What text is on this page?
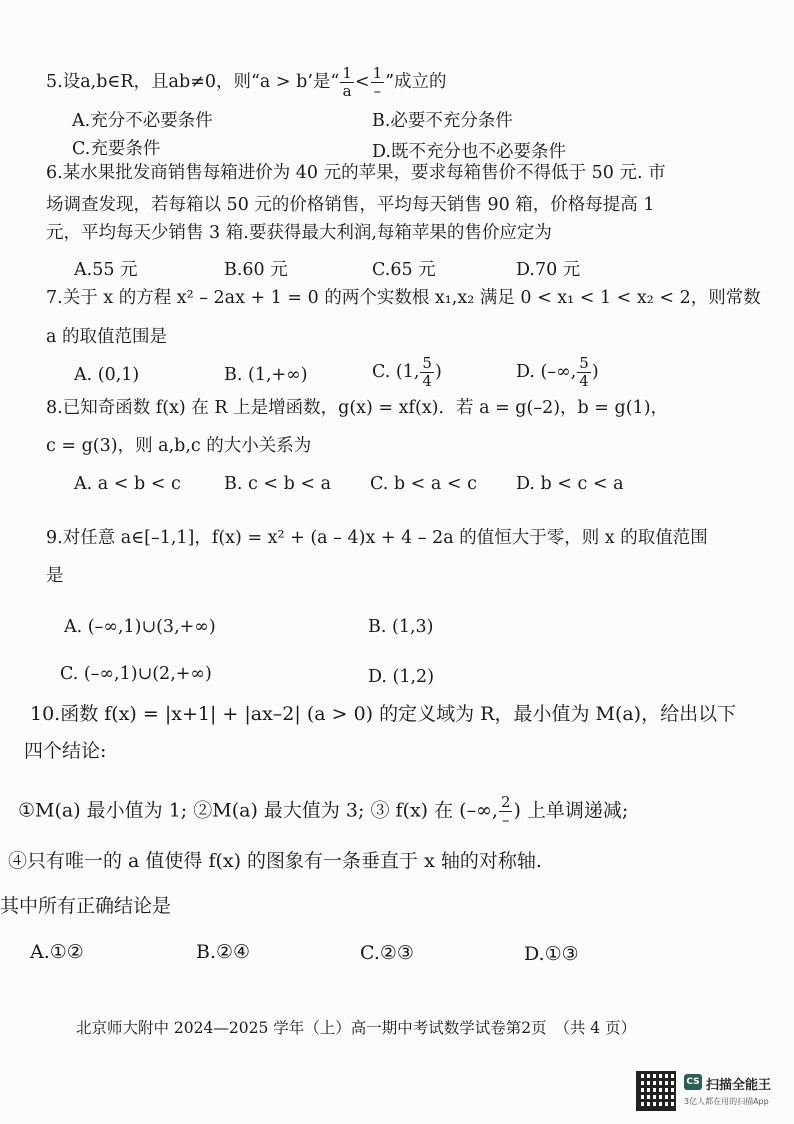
5.设a,b∈R，且ab≠0，则“a > b’是“ $\frac{1}{a} < \frac{1}{-}$ ”成立的
A.充分不必要条件	B.必要不充分条件
C.充要条件	D.既不充分也不必要条件
6.某水果批发商销售每箱进价为 40 元的苹果，要求每箱售价不得低于 50 元. 市
场调查发现，若每箱以 50 元的价格销售，平均每天销售 90 箱，价格每提高 1
元，平均每天少销售 3 箱.要获得最大利润,每箱苹果的售价应定为
A.55 元	B.60 元	C.65 元	D.70 元
7.关于 x 的方程 x² – 2ax + 1 = 0 的两个实数根 x₁,x₂ 满足 0 < x₁ < 1 < x₂ < 2，则常数
a 的取值范围是
A. (0,1)	B. (1,+∞)	C. (1, $\frac{5}{4}$ )	D. (–∞, $\frac{5}{4}$ )
8.已知奇函数 f(x) 在 R 上是增函数，g(x) = xf(x)．若 a = g(–2)，b = g(1)，
c = g(3)，则 a,b,c 的大小关系为
A. a < b < c B. c < b < a C. b < a < c D. b < c < a
9.对任意 a∈[–1,1]，f(x) = x² + (a – 4)x + 4 – 2a 的值恒大于零，则 x 的取值范围
是
A. (–∞,1)∪(3,+∞)	B. (1,3)
C. (–∞,1)∪(2,+∞)	D. (1,2)
10.函数 f(x) = |x+1| + |ax–2| (a > 0) 的定义域为 R，最小值为 M(a)，给出以下
四个结论:
①M(a) 最小值为 1; ②M(a) 最大值为 3; ③ f(x) 在 (–∞, $\frac{2}{-}$ ) 上单调递减;
④只有唯一的 a 值使得 f(x) 的图象有一条垂直于 x 轴的对称轴.
其中所有正确结论是
A.①②	B.②④	C.②③	D.①③
北京师大附中 2024—2025 学年（上）高一期中考试数学试卷第2页　（共 4 页）
CS 扫描全能王
3亿人都在用的扫描App
